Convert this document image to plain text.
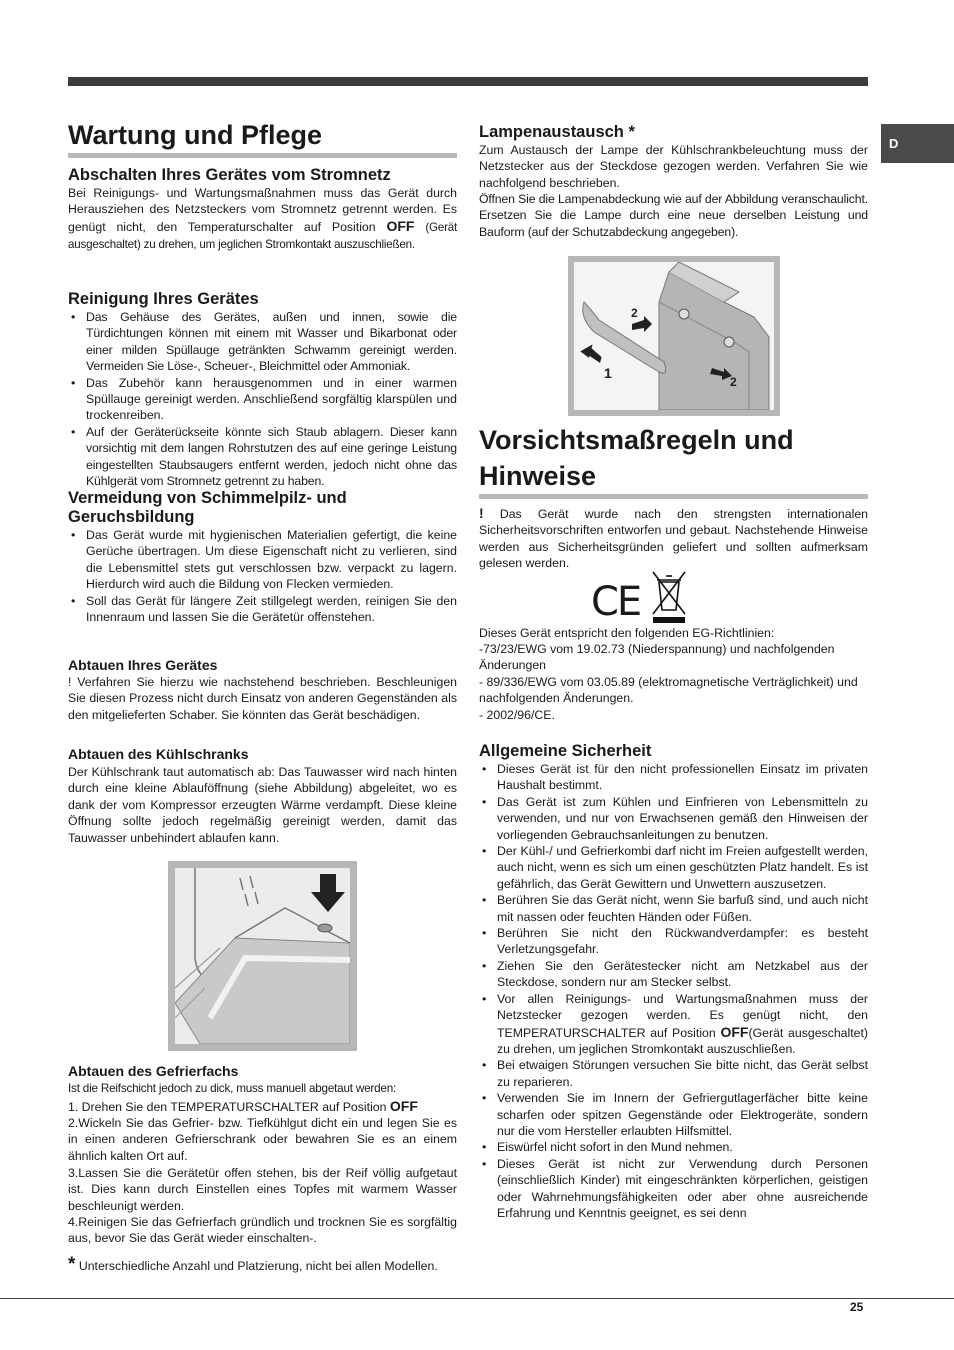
D
Wartung und Pflege
Abschalten Ihres Gerätes vom Stromnetz

Bei Reinigungs- und Wartungsmaßnahmen muss das Gerät durch Herausziehen des Netzsteckers vom Stromnetz getrennt werden. Es genügt nicht, den Temperaturschalter auf Position OFF (Gerät ausgeschaltet) zu drehen, um jeglichen Stromkontakt auszuschließen.

Reinigung Ihres Gerätes
• Das Gehäuse des Gerätes, außen und innen, sowie die Türdichtungen können mit einem mit Wasser und Bikarbonat oder einer milden Spüllauge getränkten Schwamm gereinigt werden. Vermeiden Sie Löse-, Scheuer-, Bleichmittel oder Ammoniak.
• Das Zubehör kann herausgenommen und in einer warmen Spüllauge gereinigt werden. Anschließend sorgfältig klarspülen und trockenreiben.
• Auf der Geräterückseite könnte sich Staub ablagern. Dieser kann vorsichtig mit dem langen Rohrstutzen des auf eine geringe Leistung eingestellten Staubsaugers entfernt werden, jedoch nicht ohne das Kühlgerät vom Stromnetz getrennt zu haben.
Vermeidung von Schimmelpilz- und Geruchsbildung
• Das Gerät wurde mit hygienischen Materialien gefertigt, die keine Gerüche übertragen. Um diese Eigenschaft nicht zu verlieren, sind die Lebensmittel stets gut verschlossen bzw. verpackt zu lagern. Hierdurch wird auch die Bildung von Flecken vermieden.
• Soll das Gerät für längere Zeit stillgelegt werden, reinigen Sie den Innenraum und lassen Sie die Gerätetür offenstehen.
Abtauen Ihres Gerätes

! Verfahren Sie hierzu wie nachstehend beschrieben. Beschleunigen Sie diesen Prozess nicht durch Einsatz von anderen Gegenständen als den mitgelieferten Schaber. Sie könnten das Gerät beschädigen.

Abtauen des Kühlschranks

Der Kühlschrank taut automatisch ab: Das Tauwasser wird nach hinten durch eine kleine Ablauföffnung (siehe Abbildung) abgeleitet, wo es dank der vom Kompressor erzeugten Wärme verdampft. Diese kleine Öffnung sollte jedoch regelmäßig gereinigt werden, damit das Tauwasser unbehindert ablaufen kann.

Abtauen des Gefrierfachs

Ist die Reifschicht jedoch zu dick, muss manuell abgetaut werden:

1. Drehen Sie den TEMPERATURSCHALTER auf Position OFF

2.Wickeln Sie das Gefrier- bzw. Tiefkühlgut dicht ein und legen Sie es in einen anderen Gefrierschrank oder bewahren Sie es an einem ähnlich kalten Ort auf.

3.Lassen Sie die Gerätetür offen stehen, bis der Reif völlig aufgetaut ist. Dies kann durch Einstellen eines Topfes mit warmem Wasser beschleunigt werden.

4.Reinigen Sie das Gefrierfach gründlich und trocknen Sie es sorgfältig aus, bevor Sie das Gerät wieder einschalten-.

* Unterschiedliche Anzahl und Platzierung, nicht bei allen Modellen.

Lampenaustausch *

Zum Austausch der Lampe der Kühlschrankbeleuchtung muss der Netzstecker aus der Steckdose gezogen werden. Verfahren Sie wie nachfolgend beschrieben.

Öffnen Sie die Lampenabdeckung wie auf der Abbildung veranschaulicht. Ersetzen Sie die Lampe durch eine neue derselben Leistung und Bauform (auf der Schutzabdeckung angegeben).

2
1
2
Vorsichtsmaßregeln und Hinweise

! Das Gerät wurde nach den strengsten internationalen Sicherheitsvorschriften entworfen und gebaut. Nachstehende Hinweise werden aus Sicherheitsgründen geliefert und sollten aufmerksam gelesen werden.

CE

Dieses Gerät entspricht den folgenden EG-Richtlinien:

-73/23/EWG vom 19.02.73 (Niederspannung) und nachfolgenden Änderungen

- 89/336/EWG vom 03.05.89 (elektromagnetische Verträglichkeit) und nachfolgenden Änderungen.

- 2002/96/CE.

Allgemeine Sicherheit
• Dieses Gerät ist für den nicht professionellen Einsatz im privaten Haushalt bestimmt.
• Das Gerät ist zum Kühlen und Einfrieren von Lebensmitteln zu verwenden, und nur von Erwachsenen gemäß den Hinweisen der vorliegenden Gebrauchsanleitungen zu benutzen.
• Der Kühl-/ und Gefrierkombi darf nicht im Freien aufgestellt werden, auch nicht, wenn es sich um einen geschützten Platz handelt. Es ist gefährlich, das Gerät Gewittern und Unwettern auszusetzen.
• Berühren Sie das Gerät nicht, wenn Sie barfuß sind, und auch nicht mit nassen oder feuchten Händen oder Füßen.
• Berühren Sie nicht den Rückwandverdampfer: es besteht Verletzungsgefahr.
• Ziehen Sie den Gerätestecker nicht am Netzkabel aus der Steckdose, sondern nur am Stecker selbst.
• Vor allen Reinigungs- und Wartungsmaßnahmen muss der Netzstecker gezogen werden. Es genügt nicht, den TEMPERATURSCHALTER auf Position OFF(Gerät ausgeschaltet) zu drehen, um jeglichen Stromkontakt auszuschließen.
• Bei etwaigen Störungen versuchen Sie bitte nicht, das Gerät selbst zu reparieren.
• Verwenden Sie im Innern der Gefriergutlagerfächer bitte keine scharfen oder spitzen Gegenstände oder Elektrogeräte, sondern nur die vom Hersteller erlaubten Hilfsmittel.
• Eiswürfel nicht sofort in den Mund nehmen.
• Dieses Gerät ist nicht zur Verwendung durch Personen (einschließlich Kinder) mit eingeschränkten körperlichen, geistigen oder Wahrnehmungsfähigkeiten oder aber ohne ausreichende Erfahrung und Kenntnis geeignet, es sei denn
25
